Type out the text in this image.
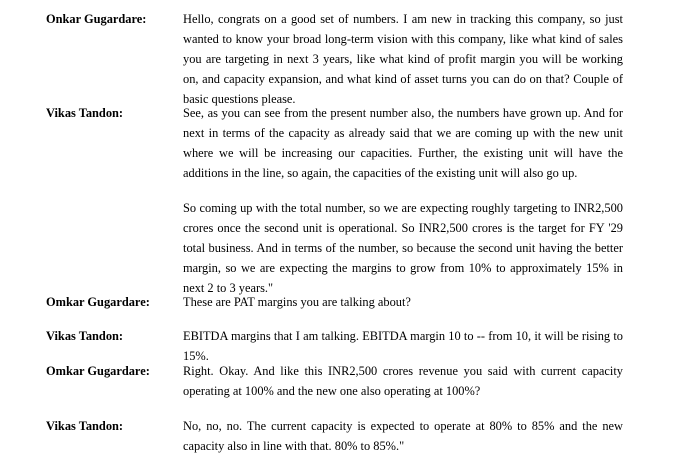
Onkar Gugardare:	Hello, congrats on a good set of numbers. I am new in tracking this company, so just wanted to know your broad long-term vision with this company, like what kind of sales you are targeting in next 3 years, like what kind of profit margin you will be working on, and capacity expansion, and what kind of asset turns you can do on that? Couple of basic questions please.
Vikas Tandon:	See, as you can see from the present number also, the numbers have grown up. And for next in terms of the capacity as already said that we are coming up with the new unit where we will be increasing our capacities. Further, the existing unit will have the additions in the line, so again, the capacities of the existing unit will also go up.
So coming up with the total number, so we are expecting roughly targeting to INR2,500 crores once the second unit is operational. So INR2,500 crores is the target for FY '29 total business. And in terms of the number, so because the second unit having the better margin, so we are expecting the margins to grow from 10% to approximately 15% in next 2 to 3 years."
Omkar Gugardare:	These are PAT margins you are talking about?
Vikas Tandon:	EBITDA margins that I am talking. EBITDA margin 10 to -- from 10, it will be rising to 15%.
Omkar Gugardare:	Right. Okay. And like this INR2,500 crores revenue you said with current capacity operating at 100% and the new one also operating at 100%?
Vikas Tandon:	No, no, no. The current capacity is expected to operate at 80% to 85% and the new capacity also in line with that. 80% to 85%."
